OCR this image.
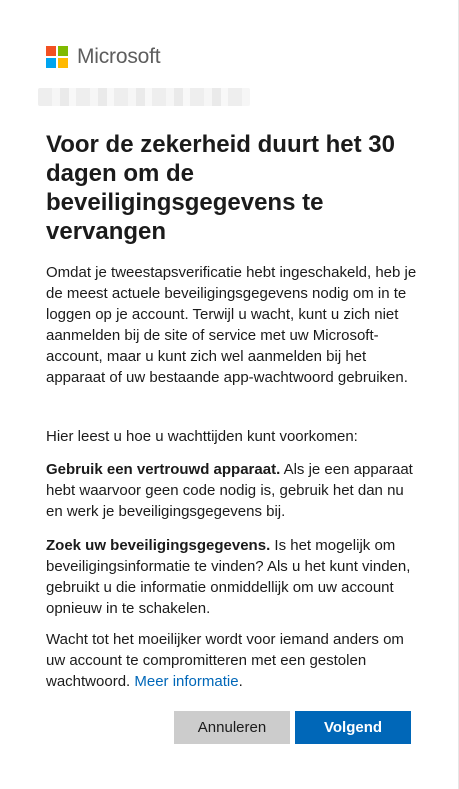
Microsoft
Voor de zekerheid duurt het 30 dagen om de beveiligingsgegevens te vervangen

Omdat je tweestapsverificatie hebt ingeschakeld, heb je de meest actuele beveiligingsgegevens nodig om in te loggen op je account. Terwijl u wacht, kunt u zich niet aanmelden bij de site of service met uw Microsoft-account, maar u kunt zich wel aanmelden bij het apparaat of uw bestaande app-wachtwoord gebruiken.

Hier leest u hoe u wachttijden kunt voorkomen:

Gebruik een vertrouwd apparaat. Als je een apparaat hebt waarvoor geen code nodig is, gebruik het dan nu en werk je beveiligingsgegevens bij.

Zoek uw beveiligingsgegevens. Is het mogelijk om beveiligingsinformatie te vinden? Als u het kunt vinden, gebruikt u die informatie onmiddellijk om uw account opnieuw in te schakelen.

Wacht tot het moeilijker wordt voor iemand anders om uw account te compromitteren met een gestolen wachtwoord. Meer informatie.

Annuleren	Volgend
